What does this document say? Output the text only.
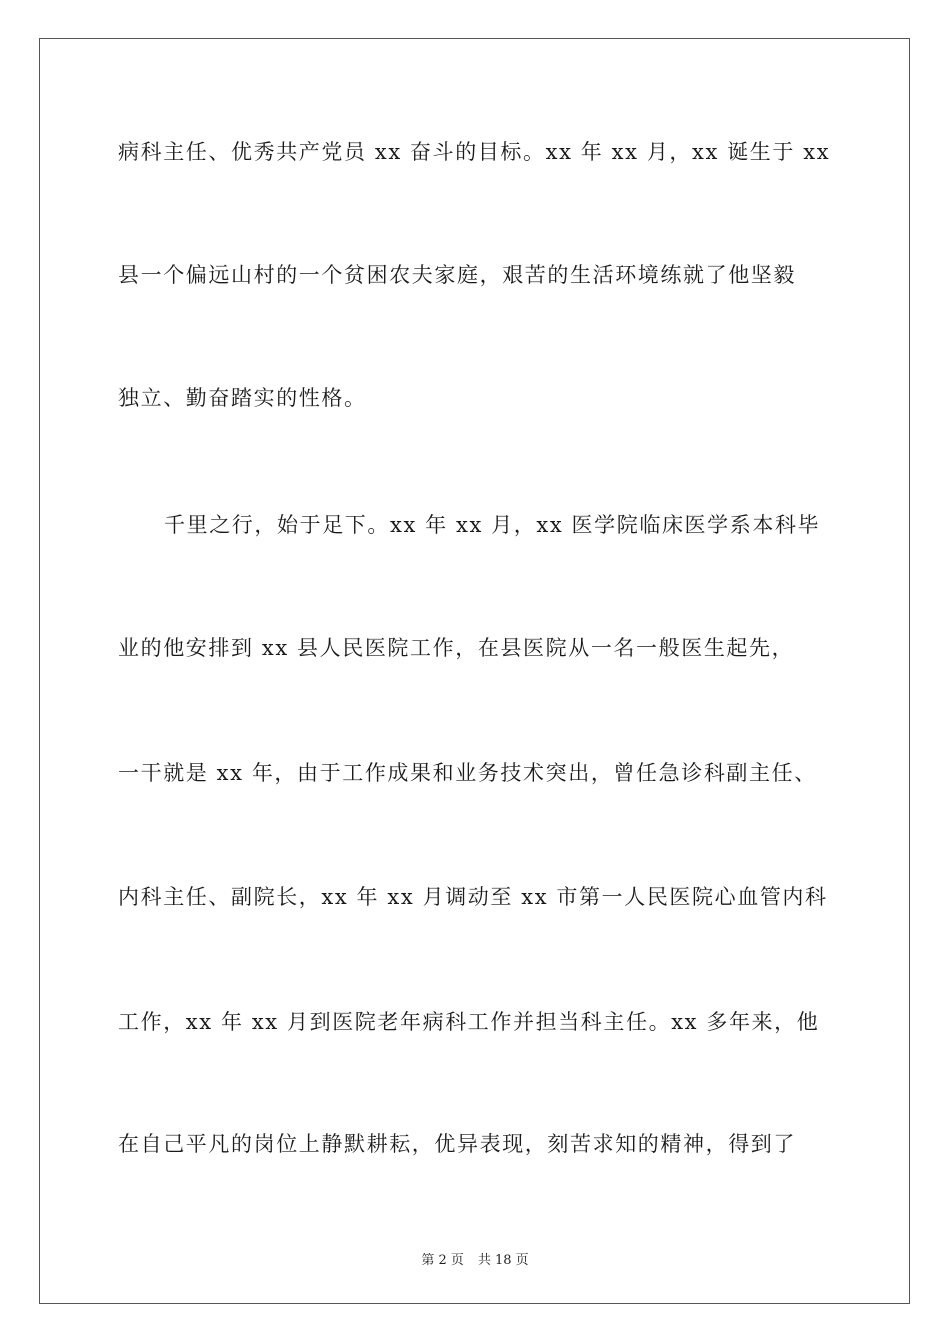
病科主任、优秀共产党员 xx 奋斗的目标。xx 年 xx 月，xx 诞生于 xx
县一个偏远山村的一个贫困农夫家庭，艰苦的生活环境练就了他坚毅
独立、勤奋踏实的性格。
千里之行，始于足下。xx 年 xx 月，xx 医学院临床医学系本科毕
业的他安排到 xx 县人民医院工作，在县医院从一名一般医生起先，
一干就是 xx 年，由于工作成果和业务技术突出，曾任急诊科副主任、
内科主任、副院长，xx 年 xx 月调动至 xx 市第一人民医院心血管内科
工作，xx 年 xx 月到医院老年病科工作并担当科主任。xx 多年来，他
在自己平凡的岗位上静默耕耘，优异表现，刻苦求知的精神，得到了
第 2 页 共 18 页
